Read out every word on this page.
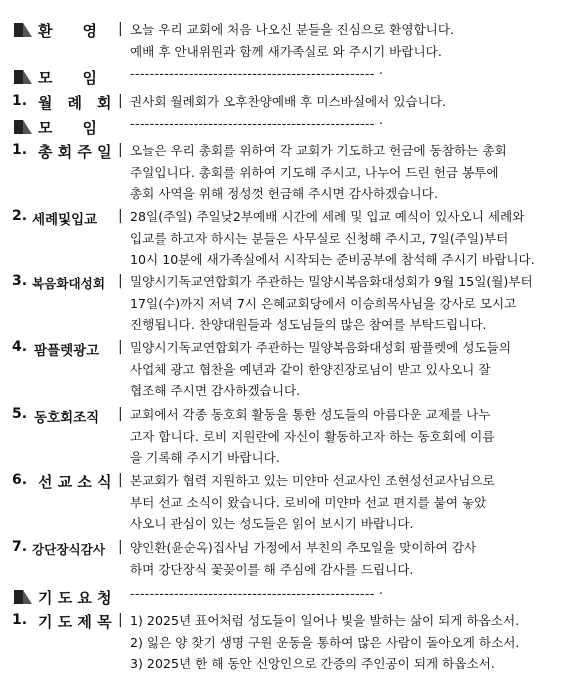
환　　영 | 오늘 우리 교회에 처음 나오신 분들을 진심으로 환영합니다.
예배 후 안내위원과 함께 새가족실로 와 주시기 바랍니다.
모　　임	-------------------------------------------------- ·
1. 월　례　회 | 권사회 월례회가 오후찬양예배 후 미스바실에서 있습니다.
모　　임	-------------------------------------------------- ·
1. 총 회 주 일 | 오늘은 우리 총회를 위하여 각 교회가 기도하고 헌금에 동참하는 총회
주일입니다. 총회를 위하여 기도해 주시고, 나누어 드린 헌금 봉투에
총회 사역을 위해 정성껏 헌금해 주시면 감사하겠습니다.
2. 세례및입교 | 28일(주일) 주일낮2부예배 시간에 세례 및 입교 예식이 있사오니 세례와
입교를 하고자 하시는 분들은 사무실로 신청해 주시고, 7일(주일)부터
10시 10분에 새가족실에서 시작되는 준비공부에 참석해 주시기 바랍니다.
3. 복음화대성회 | 밀양시기독교연합회가 주관하는 밀양시복음화대성회가 9월 15일(월)부터
17일(수)까지 저녁 7시 은혜교회당에서 이승희목사님을 강사로 모시고
진행됩니다. 찬양대원들과 성도님들의 많은 참여를 부탁드립니다.
4. 팜플렛광고 | 밀양시기독교연합회가 주관하는 밀양복음화대성회 팜플렛에 성도들의
사업체 광고 협찬을 예년과 같이 한양진장로님이 받고 있사오니 잘
협조해 주시면 감사하겠습니다.
5. 동호회조직 | 교회에서 각종 동호회 활동을 통한 성도들의 아름다운 교제를 나누
고자 합니다. 로비 지원란에 자신이 활동하고자 하는 동호회에 이름
을 기록해 주시기 바랍니다.
6. 선 교 소 식 | 본교회가 협력 지원하고 있는 미얀마 선교사인 조현성선교사님으로
부터 선교 소식이 왔습니다. 로비에 미얀마 선교 편지를 붙여 놓았
사오니 관심이 있는 성도들은 읽어 보시기 바랍니다.
7. 강단장식감사 | 양인환(윤순옥)집사님 가정에서 부친의 추모일을 맞이하여 감사
하며 강단장식 꽃꽂이를 해 주심에 감사를 드립니다.
기 도 요 청 -------------------------------------------------- ·
1. 기 도 제 목 | 1) 2025년 표어처럼 성도들이 일어나 빛을 발하는 삶이 되게 하옵소서.
2) 잃은 양 찾기 생명 구원 운동을 통하여 많은 사람이 돌아오게 하소서.
3) 2025년 한 해 동안 신앙인으로 간증의 주인공이 되게 하옵소서.
